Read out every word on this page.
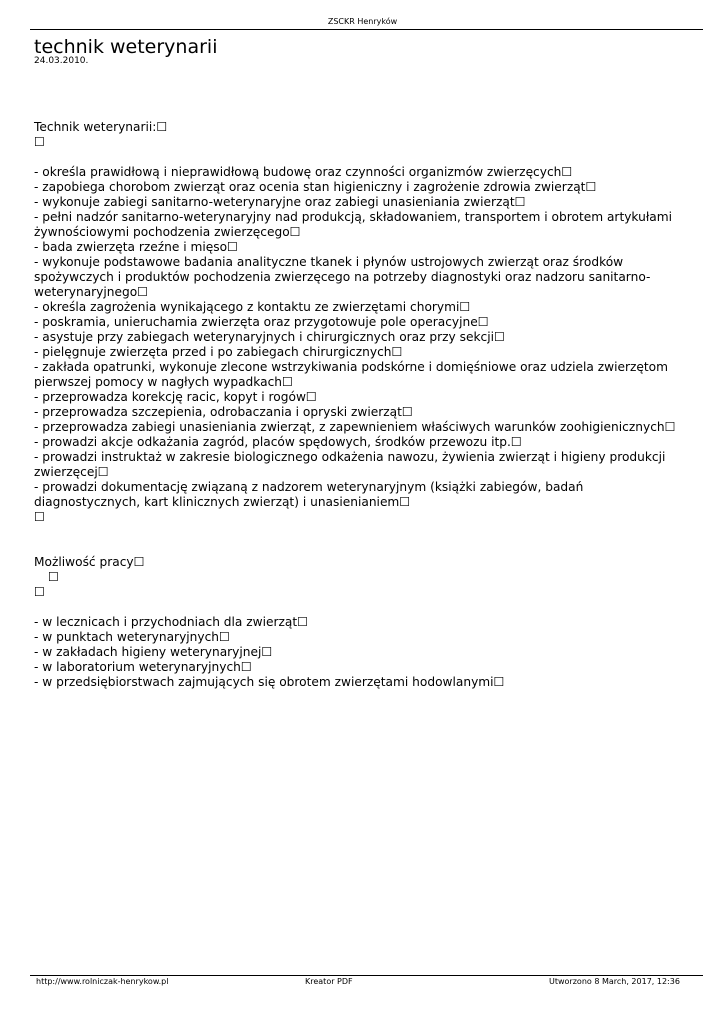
ZSCKR Henryków
technik weterynarii
24.03.2010.

Technik weterynarii:☐

☐

- określa prawidłową i nieprawidłową budowę oraz czynności organizmów zwierzęcych☐

- zapobiega chorobom zwierząt oraz ocenia stan higieniczny i zagrożenie zdrowia zwierząt☐

- wykonuje zabiegi sanitarno-weterynaryjne oraz zabiegi unasieniania zwierząt☐

- pełni nadzór sanitarno-weterynaryjny nad produkcją, składowaniem, transportem i obrotem artykułami żywnościowymi pochodzenia zwierzęcego☐

- bada zwierzęta rzeźne i mięso☐

- wykonuje podstawowe badania analityczne tkanek i płynów ustrojowych zwierząt oraz środków spożywczych i produktów pochodzenia zwierzęcego na potrzeby diagnostyki oraz nadzoru sanitarno-weterynaryjnego☐

- określa zagrożenia wynikającego z kontaktu ze zwierzętami chorymi☐

- poskramia, unieruchamia zwierzęta oraz przygotowuje pole operacyjne☐

- asystuje przy zabiegach weterynaryjnych i chirurgicznych oraz przy sekcji☐

- pielęgnuje zwierzęta przed i po zabiegach chirurgicznych☐

- zakłada opatrunki, wykonuje zlecone wstrzykiwania podskórne i domięśniowe oraz udziela zwierzętom pierwszej pomocy w nagłych wypadkach☐

- przeprowadza korekcję racic, kopyt i rogów☐

- przeprowadza szczepienia, odrobaczania i opryski zwierząt☐

- przeprowadza zabiegi unasieniania zwierząt, z zapewnieniem właściwych warunków zoohigienicznych☐

- prowadzi akcje odkażania zagród, placów spędowych, środków przewozu itp.☐

- prowadzi instruktaż w zakresie biologicznego odkażenia nawozu, żywienia zwierząt i higieny produkcji zwierzęcej☐

- prowadzi dokumentację związaną z nadzorem weterynaryjnym (książki zabiegów, badań diagnostycznych, kart klinicznych zwierząt) i unasienianiem☐

☐

Możliwość pracy☐

☐

☐

- w lecznicach i przychodniach dla zwierząt☐

- w punktach weterynaryjnych☐

- w zakładach higieny weterynaryjnej☐

- w laboratorium weterynaryjnych☐

- w przedsiębiorstwach zajmujących się obrotem zwierzętami hodowlanymi☐

http://www.rolniczak-henrykow.pl	Kreator PDF	Utworzono 8 March, 2017, 12:36
